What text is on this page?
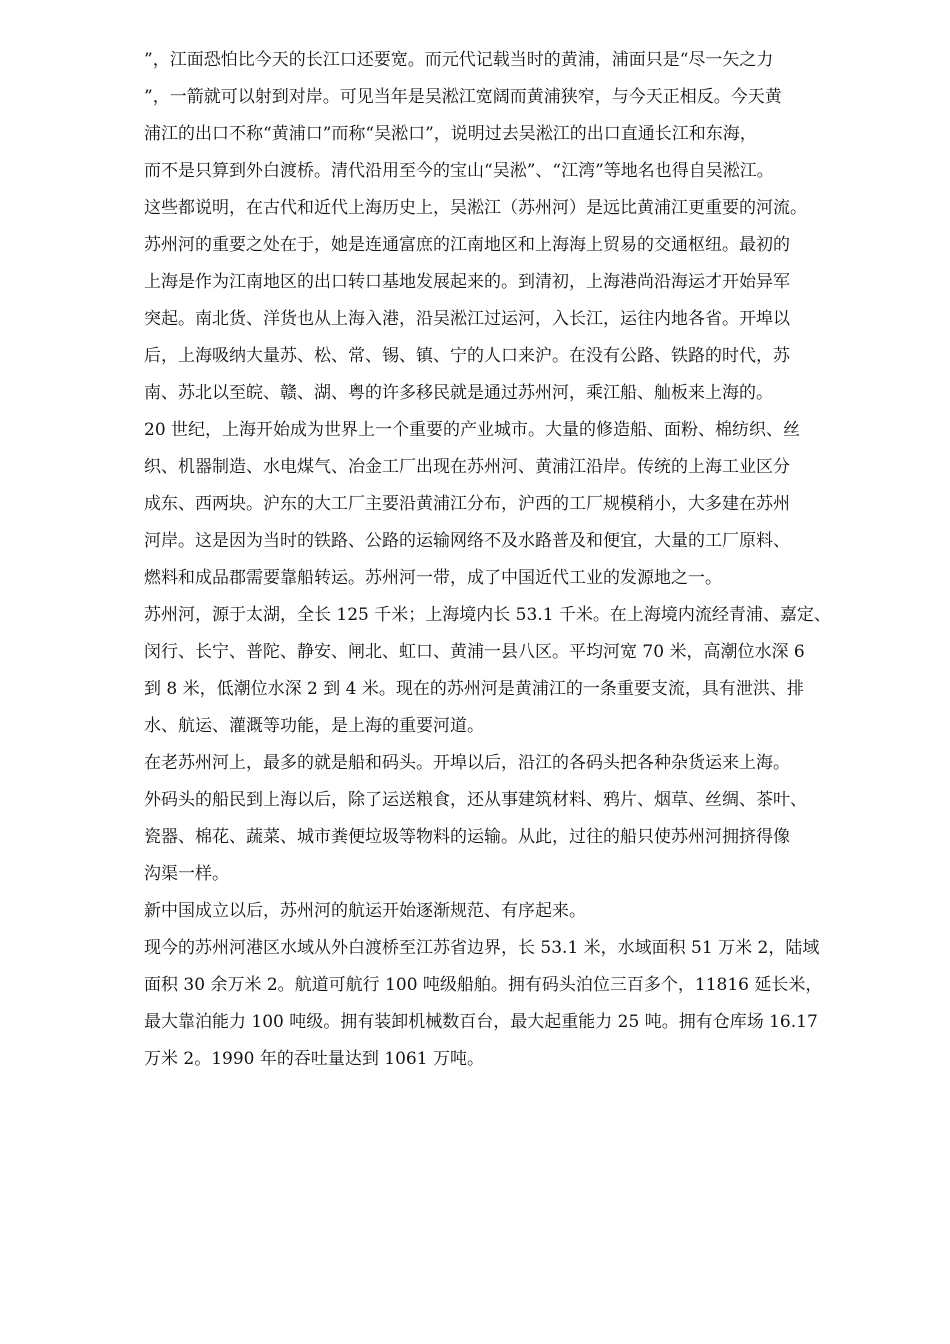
”，江面恐怕比今天的长江口还要宽。而元代记载当时的黄浦，浦面只是“尽一矢之力
”，一箭就可以射到对岸。可见当年是吴淞江宽阔而黄浦狭窄，与今天正相反。今天黄
浦江的出口不称“黄浦口”而称“吴淞口”，说明过去吴淞江的出口直通长江和东海，
而不是只算到外白渡桥。清代沿用至今的宝山“吴淞”、“江湾”等地名也得自吴淞江。
这些都说明，在古代和近代上海历史上，吴淞江（苏州河）是远比黄浦江更重要的河流。
苏州河的重要之处在于，她是连通富庶的江南地区和上海海上贸易的交通枢纽。最初的
上海是作为江南地区的出口转口基地发展起来的。到清初，上海港尚沿海运才开始异军
突起。南北货、洋货也从上海入港，沿吴淞江过运河，入长江，运往内地各省。开埠以
后，上海吸纳大量苏、松、常、锡、镇、宁的人口来沪。在没有公路、铁路的时代，苏
南、苏北以至皖、赣、湖、粤的许多移民就是通过苏州河，乘江船、舢板来上海的。
20 世纪，上海开始成为世界上一个重要的产业城市。大量的修造船、面粉、棉纺织、丝
织、机器制造、水电煤气、冶金工厂出现在苏州河、黄浦江沿岸。传统的上海工业区分
成东、西两块。沪东的大工厂主要沿黄浦江分布，沪西的工厂规模稍小，大多建在苏州
河岸。这是因为当时的铁路、公路的运输网络不及水路普及和便宜，大量的工厂原料、
燃料和成品郡需要靠船转运。苏州河一带，成了中国近代工业的发源地之一。
苏州河，源于太湖，全长 125 千米；上海境内长 53.1 千米。在上海境内流经青浦、嘉定、
闵行、长宁、普陀、静安、闸北、虹口、黄浦一县八区。平均河宽 70 米，高潮位水深 6
到 8 米，低潮位水深 2 到 4 米。现在的苏州河是黄浦江的一条重要支流，具有泄洪、排
水、航运、灌溉等功能，是上海的重要河道。
在老苏州河上，最多的就是船和码头。开埠以后，沿江的各码头把各种杂货运来上海。
外码头的船民到上海以后，除了运送粮食，还从事建筑材料、鸦片、烟草、丝绸、茶叶、
瓷器、棉花、蔬菜、城市粪便垃圾等物料的运输。从此，过往的船只使苏州河拥挤得像
沟渠一样。
新中国成立以后，苏州河的航运开始逐渐规范、有序起来。
现今的苏州河港区水域从外白渡桥至江苏省边界，长 53.1 米，水域面积 51 万米 2，陆域
面积 30 余万米 2。航道可航行 100 吨级船舶。拥有码头泊位三百多个，11816 延长米，
最大靠泊能力 100 吨级。拥有装卸机械数百台，最大起重能力 25 吨。拥有仓库场 16.17
万米 2。1990 年的吞吐量达到 1061 万吨。
